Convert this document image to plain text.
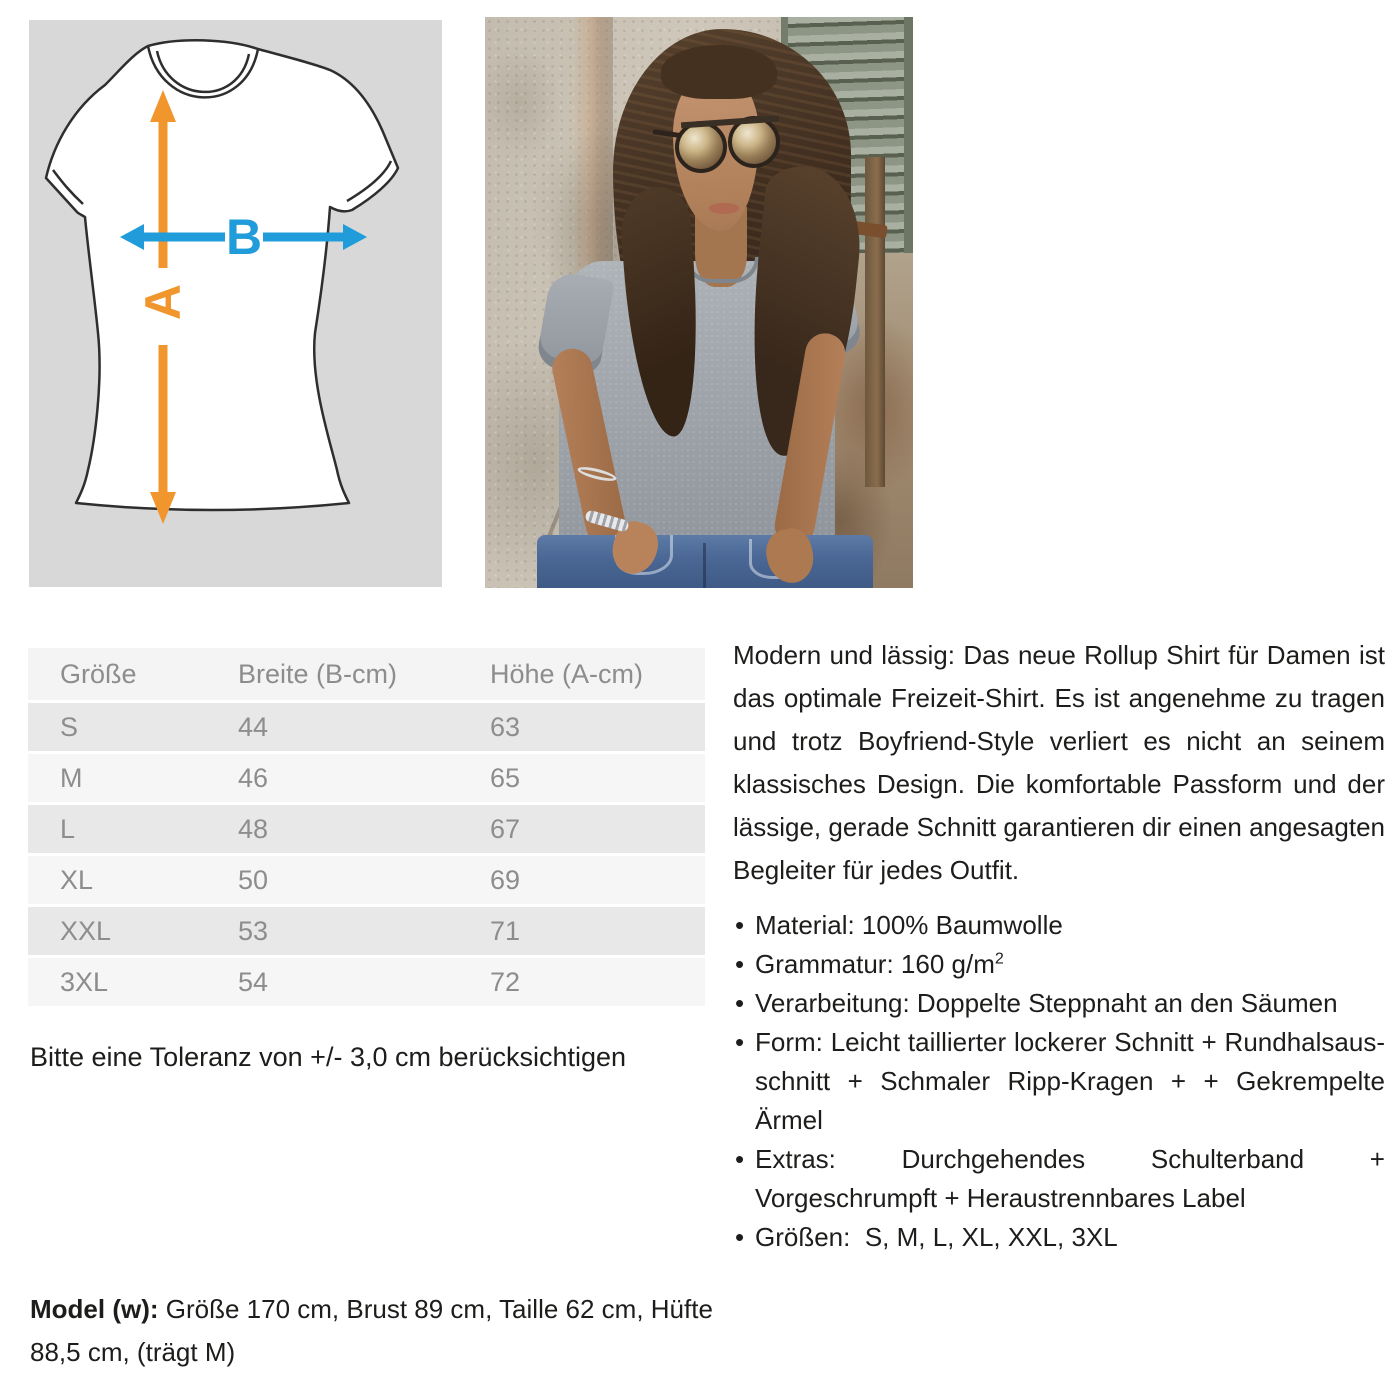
A
B
Größe	Breite (B-cm)	Höhe (A-cm)
S	44	63
M	46	65
L	48	67
XL	50	69
XXL	53	71
3XL	54	72
Bitte eine Toleranz von +/- 3,0 cm berücksichtigen

Modern und lässig: Das neue Rollup Shirt für Damen ist das optimale Freizeit-Shirt. Es ist angenehme zu tragen und trotz Boyfriend-Style verliert es nicht an seinem klassisches Design. Die komfortable Passform und der lässige, gerade Schnitt garantieren dir einen angesagten Begleiter für jedes Outfit.

• Material: 100% Baumwolle
• Grammatur: 160 $g/m^2$
• Verarbeitung: Doppelte Steppnaht an den Säumen
• Form: Leicht taillierter lockerer Schnitt + Rundhalsaus-schnitt + Schmaler Ripp-Kragen + + Gekrempelte Ärmel
• Extras: Durchgehendes Schulterband + Vorgeschrumpft + Heraustrennbares Label
• Größen:  S, M, L, XL, XXL, 3XL
Model (w): Größe 170 cm, Brust 89 cm, Taille 62 cm, Hüfte 88,5 cm, (trägt M)
